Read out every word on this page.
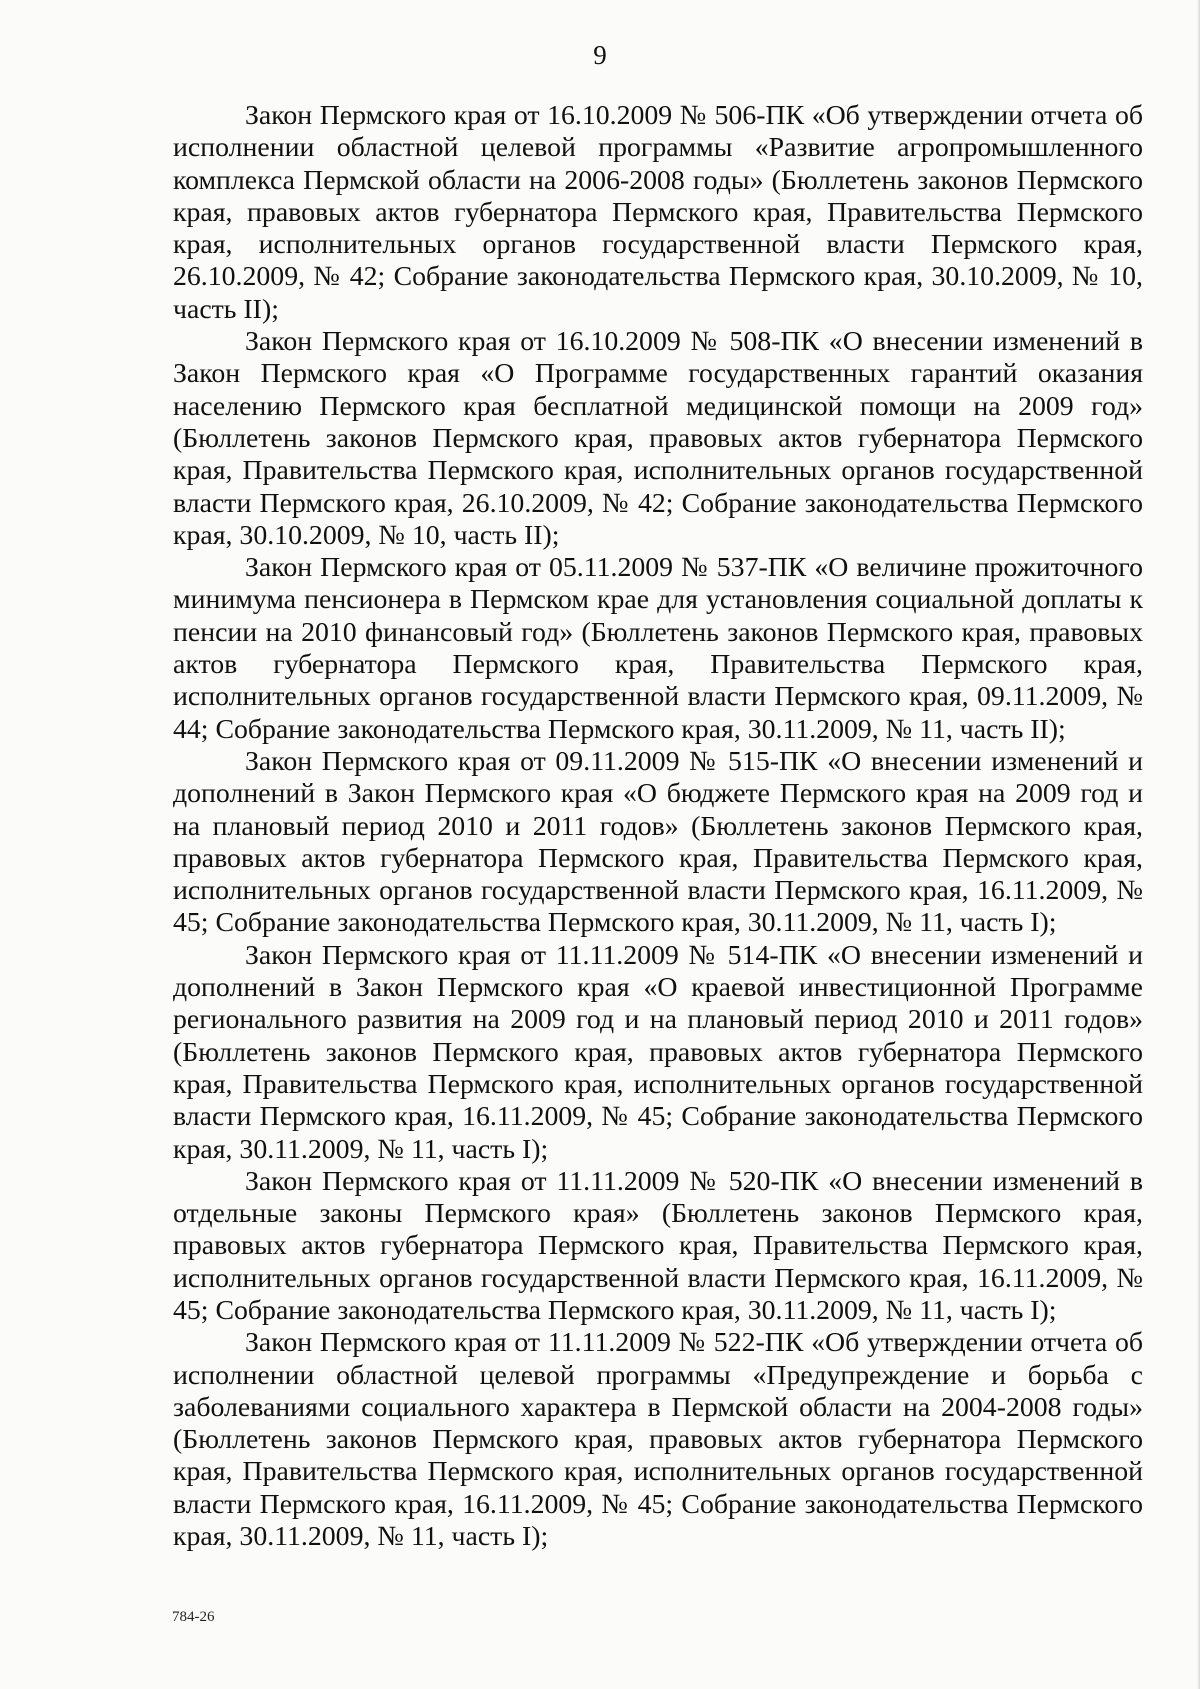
9

Закон Пермского края от 16.10.2009 № 506-ПК «Об утверждении отчета об исполнении областной целевой программы «Развитие агропромышленного комплекса Пермской области на 2006-2008 годы» (Бюллетень законов Пермского края, правовых актов губернатора Пермского края, Правительства Пермского края, исполнительных органов государственной власти Пермского края, 26.10.2009, № 42; Собрание законодательства Пермского края, 30.10.2009, № 10, часть II);

Закон Пермского края от 16.10.2009 № 508-ПК «О внесении изменений в Закон Пермского края «О Программе государственных гарантий оказания населению Пермского края бесплатной медицинской помощи на 2009 год» (Бюллетень законов Пермского края, правовых актов губернатора Пермского края, Правительства Пермского края, исполнительных органов государственной власти Пермского края, 26.10.2009, № 42; Собрание законодательства Пермского края, 30.10.2009, № 10, часть II);

Закон Пермского края от 05.11.2009 № 537-ПК «О величине прожиточного минимума пенсионера в Пермском крае для установления социальной доплаты к пенсии на 2010 финансовый год» (Бюллетень законов Пермского края, правовых актов губернатора Пермского края, Правительства Пермского края, исполнительных органов государственной власти Пермского края, 09.11.2009, № 44; Собрание законодательства Пермского края, 30.11.2009, № 11, часть II);

Закон Пермского края от 09.11.2009 № 515-ПК «О внесении изменений и дополнений в Закон Пермского края «О бюджете Пермского края на 2009 год и на плановый период 2010 и 2011 годов» (Бюллетень законов Пермского края, правовых актов губернатора Пермского края, Правительства Пермского края, исполнительных органов государственной власти Пермского края, 16.11.2009, № 45; Собрание законодательства Пермского края, 30.11.2009, № 11, часть I);

Закон Пермского края от 11.11.2009 № 514-ПК «О внесении изменений и дополнений в Закон Пермского края «О краевой инвестиционной Программе регионального развития на 2009 год и на плановый период 2010 и 2011 годов» (Бюллетень законов Пермского края, правовых актов губернатора Пермского края, Правительства Пермского края, исполнительных органов государственной власти Пермского края, 16.11.2009, № 45; Собрание законодательства Пермского края, 30.11.2009, № 11, часть I);

Закон Пермского края от 11.11.2009 № 520-ПК «О внесении изменений в отдельные законы Пермского края» (Бюллетень законов Пермского края, правовых актов губернатора Пермского края, Правительства Пермского края, исполнительных органов государственной власти Пермского края, 16.11.2009, № 45; Собрание законодательства Пермского края, 30.11.2009, № 11, часть I);

Закон Пермского края от 11.11.2009 № 522-ПК «Об утверждении отчета об исполнении областной целевой программы «Предупреждение и борьба с заболеваниями социального характера в Пермской области на 2004-2008 годы» (Бюллетень законов Пермского края, правовых актов губернатора Пермского края, Правительства Пермского края, исполнительных органов государственной власти Пермского края, 16.11.2009, № 45; Собрание законодательства Пермского края, 30.11.2009, № 11, часть I);

784-26
